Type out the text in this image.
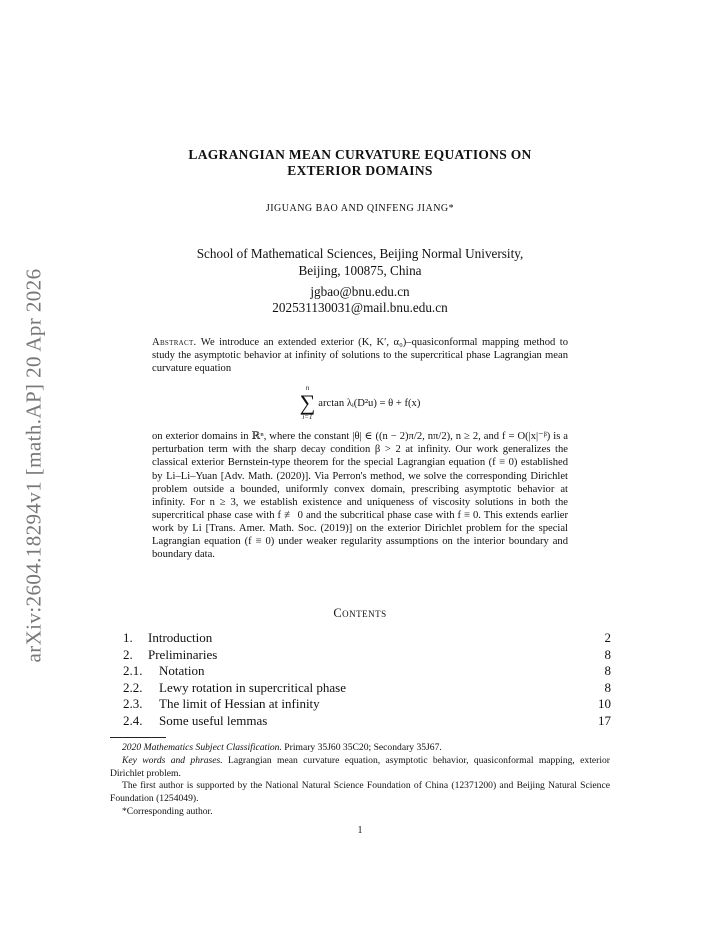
arXiv:2604.18294v1 [math.AP] 20 Apr 2026
LAGRANGIAN MEAN CURVATURE EQUATIONS ON
EXTERIOR DOMAINS
JIGUANG BAO AND QINFENG JIANG*
School of Mathematical Sciences, Beijing Normal University,
Beijing, 100875, China
jgbao@bnu.edu.cn
202531130031@mail.bnu.edu.cn

Abstract. We introduce an extended exterior (K, K′, α₀)–quasiconformal mapping method to study the asymptotic behavior at infinity of solutions to the supercritical phase Lagrangian mean curvature equation

n
∑
i=1
arctan λᵢ(D²u) = θ + f(x)

on exterior domains in ℝⁿ, where the constant |θ| ∈ ((n − 2)π/2, nπ/2), n ≥ 2, and f = O(|x|⁻ᵝ) is a perturbation term with the sharp decay condition β > 2 at infinity. Our work generalizes the classical exterior Bernstein-type theorem for the special Lagrangian equation (f ≡ 0) established by Li–Li–Yuan [Adv. Math. (2020)]. Via Perron's method, we solve the corresponding Dirichlet problem outside a bounded, uniformly convex domain, prescribing asymptotic behavior at infinity. For n ≥ 3, we establish existence and uniqueness of viscosity solutions in both the supercritical phase case with f ≢ 0 and the subcritical phase case with f ≡ 0. This extends earlier work by Li [Trans. Amer. Math. Soc. (2019)] on the exterior Dirichlet problem for the special Lagrangian equation (f ≡ 0) under weaker regularity assumptions on the interior boundary and boundary data.

Contents
1.	Introduction	2
2.	Preliminaries	8
2.1.	Notation	8
2.2.	Lewy rotation in supercritical phase	8
2.3.	The limit of Hessian at infinity	10
2.4.	Some useful lemmas	17

2020 Mathematics Subject Classification. Primary 35J60 35C20; Secondary 35J67.

Key words and phrases. Lagrangian mean curvature equation, asymptotic behavior, quasiconformal mapping, exterior Dirichlet problem.

The first author is supported by the National Natural Science Foundation of China (12371200) and Beijing Natural Science Foundation (1254049).

*Corresponding author.

1
